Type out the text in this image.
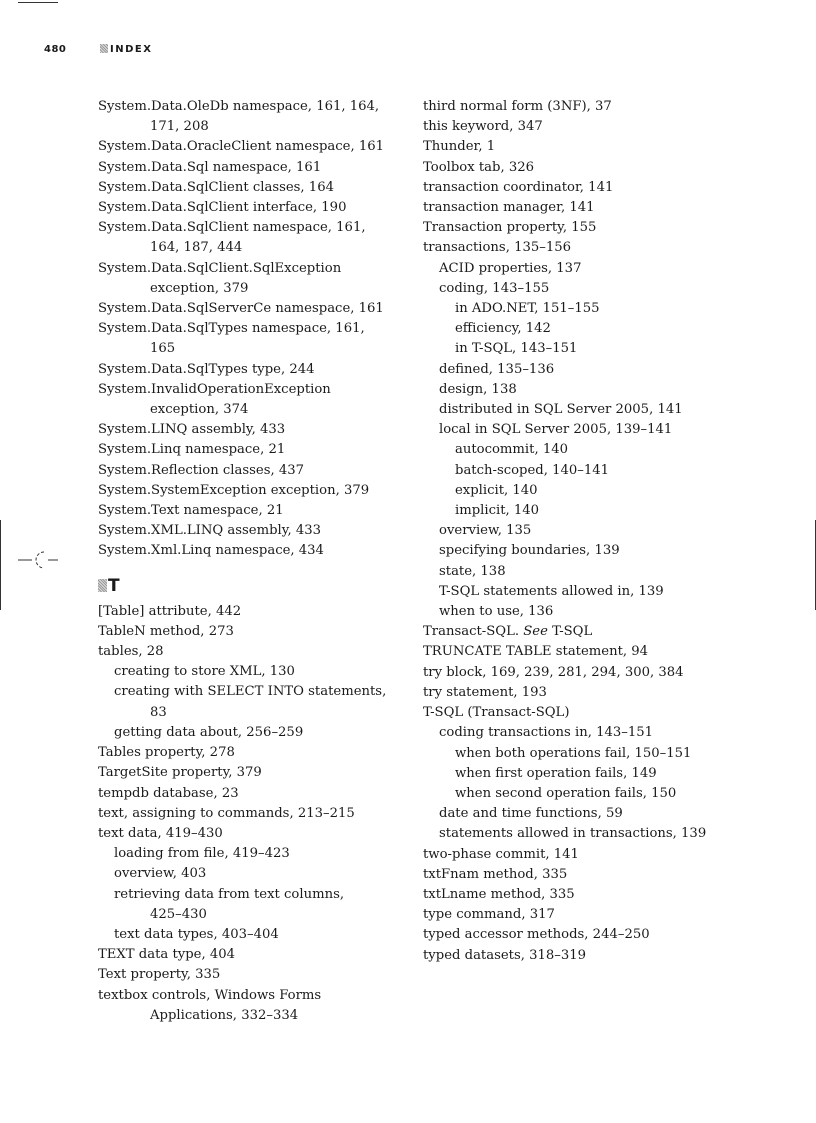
480	INDEX
System.Data.OleDb namespace, 161, 164,
171, 208
System.Data.OracleClient namespace, 161
System.Data.Sql namespace, 161
System.Data.SqlClient classes, 164
System.Data.SqlClient interface, 190
System.Data.SqlClient namespace, 161,
164, 187, 444
System.Data.SqlClient.SqlException
exception, 379
System.Data.SqlServerCe namespace, 161
System.Data.SqlTypes namespace, 161,
165
System.Data.SqlTypes type, 244
System.InvalidOperationException
exception, 374
System.LINQ assembly, 433
System.Linq namespace, 21
System.Reflection classes, 437
System.SystemException exception, 379
System.Text namespace, 21
System.XML.LINQ assembly, 433
System.Xml.Linq namespace, 434
T
[Table] attribute, 442
TableN method, 273
tables, 28
creating to store XML, 130
creating with SELECT INTO statements,
83
getting data about, 256–259
Tables property, 278
TargetSite property, 379
tempdb database, 23
text, assigning to commands, 213–215
text data, 419–430
loading from file, 419–423
overview, 403
retrieving data from text columns,
425–430
text data types, 403–404
TEXT data type, 404
Text property, 335
textbox controls, Windows Forms
Applications, 332–334
third normal form (3NF), 37
this keyword, 347
Thunder, 1
Toolbox tab, 326
transaction coordinator, 141
transaction manager, 141
Transaction property, 155
transactions, 135–156
ACID properties, 137
coding, 143–155
in ADO.NET, 151–155
efficiency, 142
in T-SQL, 143–151
defined, 135–136
design, 138
distributed in SQL Server 2005, 141
local in SQL Server 2005, 139–141
autocommit, 140
batch-scoped, 140–141
explicit, 140
implicit, 140
overview, 135
specifying boundaries, 139
state, 138
T-SQL statements allowed in, 139
when to use, 136
Transact-SQL. See T-SQL
TRUNCATE TABLE statement, 94
try block, 169, 239, 281, 294, 300, 384
try statement, 193
T-SQL (Transact-SQL)
coding transactions in, 143–151
when both operations fail, 150–151
when first operation fails, 149
when second operation fails, 150
date and time functions, 59
statements allowed in transactions, 139
two-phase commit, 141
txtFnam method, 335
txtLname method, 335
type command, 317
typed accessor methods, 244–250
typed datasets, 318–319
